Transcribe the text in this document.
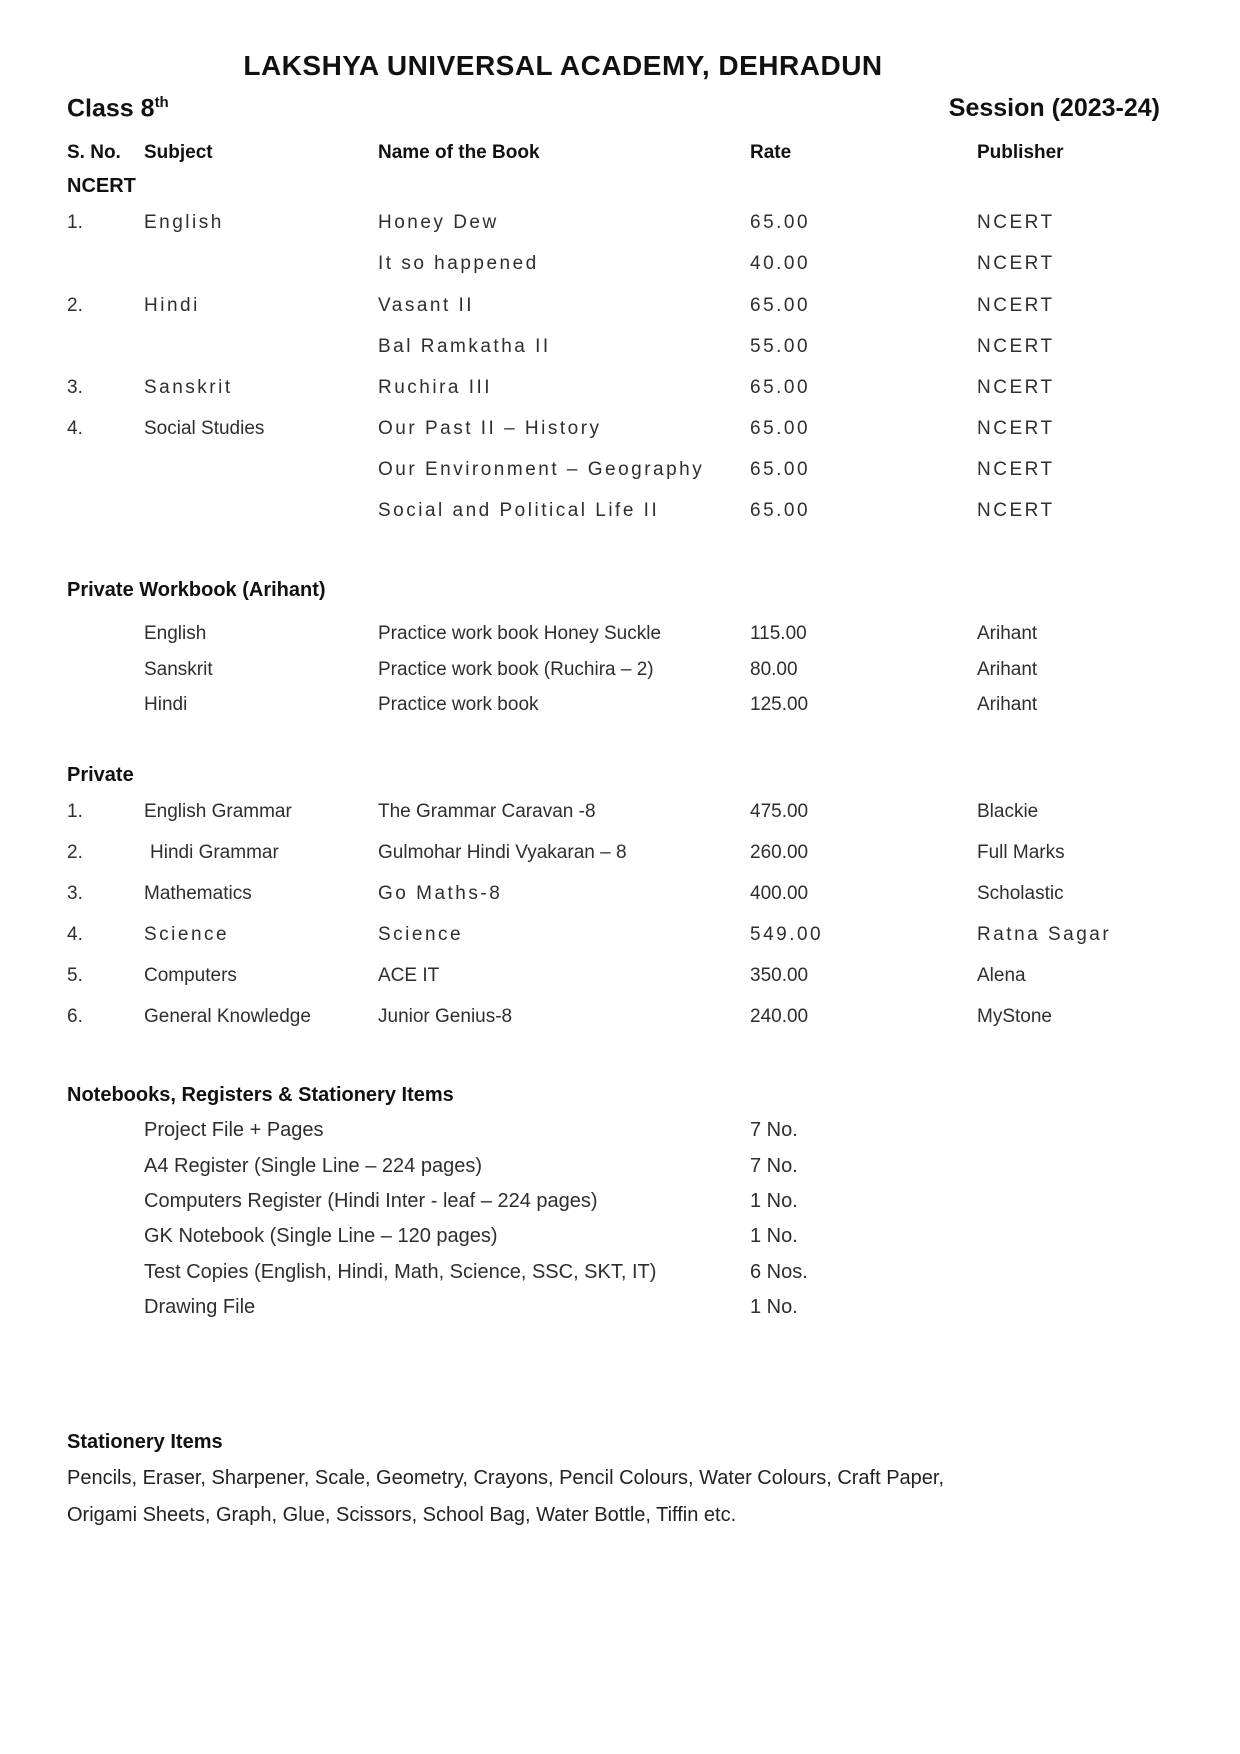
LAKSHYA UNIVERSAL ACADEMY, DEHRADUN
Class 8th	Session (2023-24)
S. No. Subject	Name of the Book	Rate	Publisher
NCERT
1.	English	Honey Dew	65.00	NCERT
It so happened	40.00	NCERT
2.	Hindi	Vasant II	65.00	NCERT
Bal Ramkatha II	55.00	NCERT
3.	Sanskrit	Ruchira III	65.00	NCERT
4.	Social Studies	Our Past II – History	65.00	NCERT
Our Environment – Geography 65.00	NCERT
Social and Political Life II	65.00	NCERT
Private Workbook (Arihant)
English	Practice work book Honey Suckle	115.00	Arihant
Sanskrit	Practice work book (Ruchira – 2)	80.00	Arihant
Hindi	Practice work book	125.00	Arihant
Private
1.	English Grammar	The Grammar Caravan -8	475.00	Blackie
2.	Hindi Grammar	Gulmohar Hindi Vyakaran – 8	260.00	Full Marks
3.	Mathematics	Go Maths-8	400.00	Scholastic
4.	Science	Science	549.00	Ratna Sagar
5.	Computers	ACE IT	350.00	Alena
6.	General Knowledge	Junior Genius-8	240.00	MyStone
Notebooks, Registers & Stationery Items
Project File + Pages	7 No.
A4 Register (Single Line – 224 pages)	7 No.
Computers Register (Hindi Inter - leaf – 224 pages)	1 No.
GK Notebook (Single Line – 120 pages)	1 No.
Test Copies (English, Hindi, Math, Science, SSC, SKT, IT)	6 Nos.
Drawing File	1 No.
Stationery Items
Pencils, Eraser, Sharpener, Scale, Geometry, Crayons, Pencil Colours, Water Colours, Craft Paper, Origami Sheets, Graph, Glue, Scissors, School Bag, Water Bottle, Tiffin etc.
